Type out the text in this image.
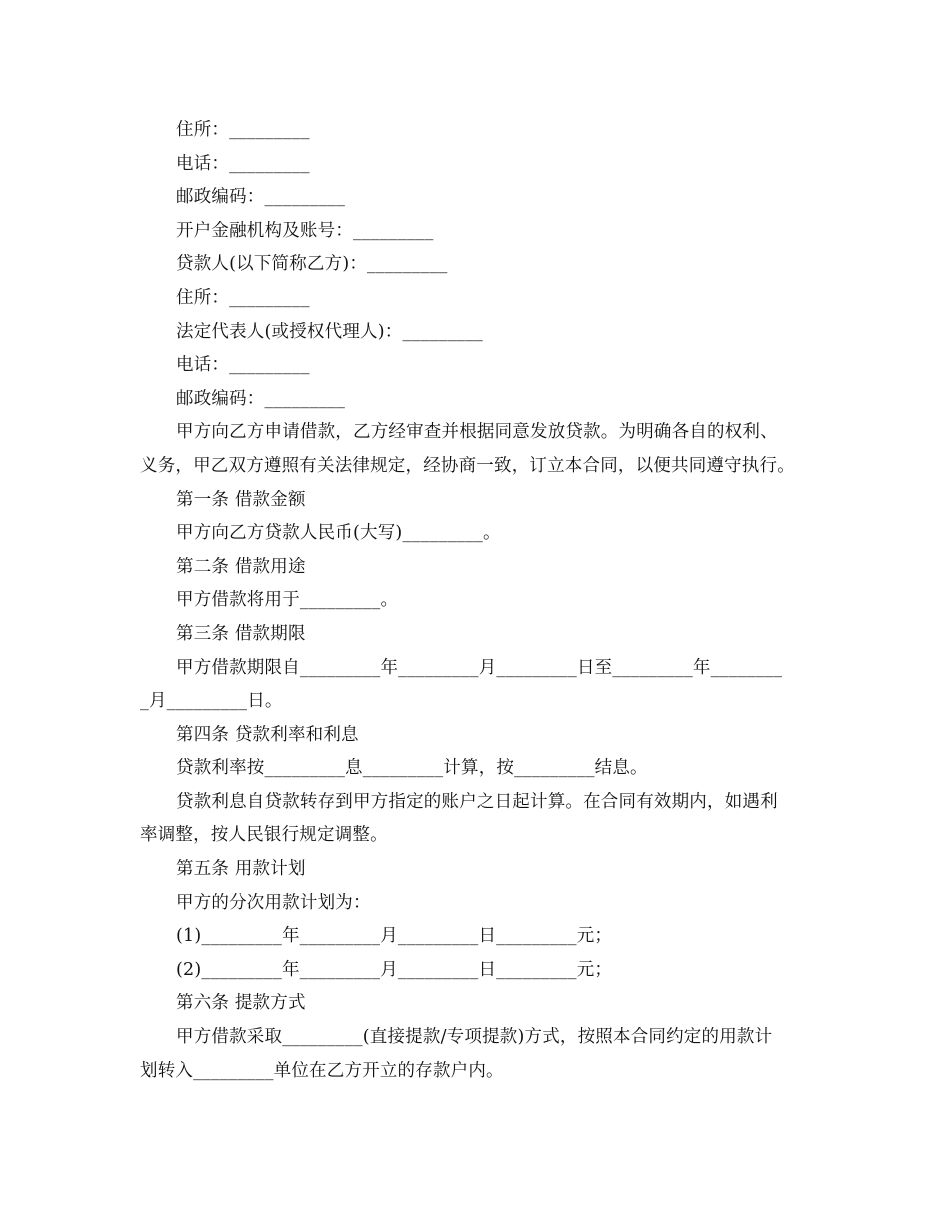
住所：_________
电话：_________
邮政编码：_________
开户金融机构及账号：_________
贷款人(以下简称乙方)：_________
住所：_________
法定代表人(或授权代理人)：_________
电话：_________
邮政编码：_________
甲方向乙方申请借款，乙方经审查并根据同意发放贷款。为明确各自的权利、
义务，甲乙双方遵照有关法律规定，经协商一致，订立本合同，以便共同遵守执行。
第一条 借款金额
甲方向乙方贷款人民币(大写)_________。
第二条 借款用途
甲方借款将用于_________。
第三条 借款期限
甲方借款期限自_________年_________月_________日至_________年________
_月_________日。
第四条 贷款利率和利息
贷款利率按_________息_________计算，按_________结息。
贷款利息自贷款转存到甲方指定的账户之日起计算。在合同有效期内，如遇利
率调整，按人民银行规定调整。
第五条 用款计划
甲方的分次用款计划为：
(1)_________年_________月_________日_________元；
(2)_________年_________月_________日_________元；
第六条 提款方式
甲方借款采取_________(直接提款/专项提款)方式，按照本合同约定的用款计
划转入_________单位在乙方开立的存款户内。
